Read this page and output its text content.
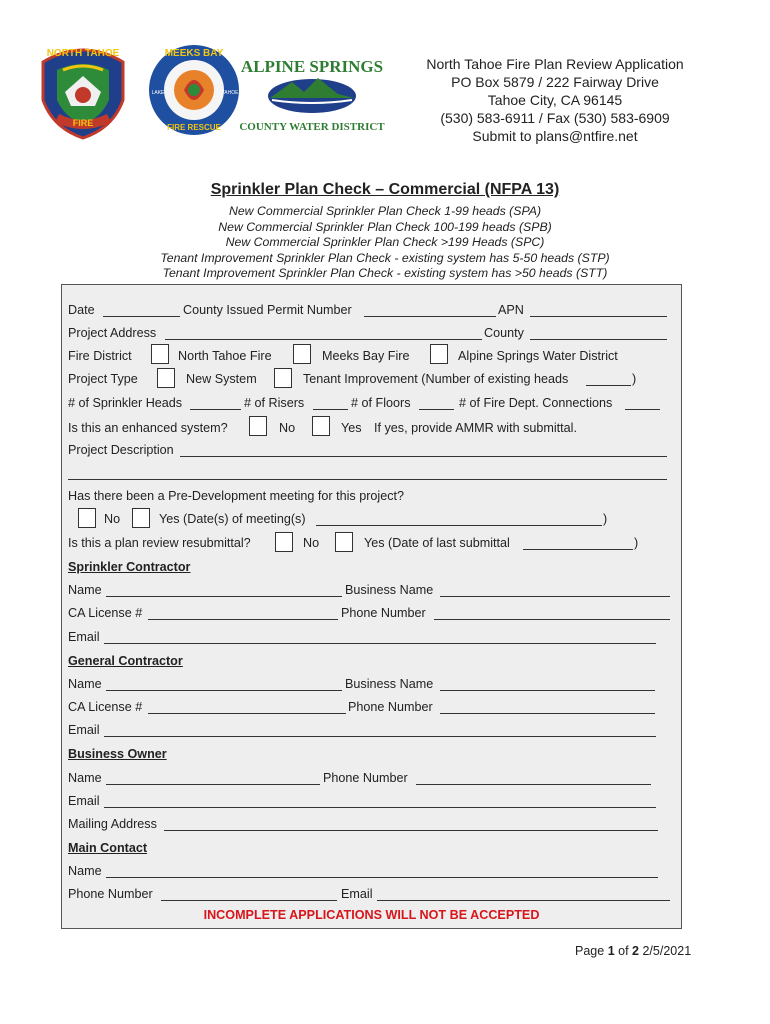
FIRE
NORTH TAHOE	MEEKS BAY
FIRE RESCUE
LAKE	TAHOE
ALPINE SPRINGS
COUNTY WATER DISTRICT
North Tahoe Fire Plan Review Application
PO Box 5879 / 222 Fairway Drive
Tahoe City, CA 96145
(530) 583-6911 / Fax (530) 583-6909
Submit to plans@ntfire.net
Sprinkler Plan Check – Commercial (NFPA 13)
New Commercial Sprinkler Plan Check 1-99 heads (SPA)
New Commercial Sprinkler Plan Check 100-199 heads (SPB)
New Commercial Sprinkler Plan Check >199 Heads (SPC)
Tenant Improvement Sprinkler Plan Check - existing system has 5-50 heads (STP)
Tenant Improvement Sprinkler Plan Check - existing system has >50 heads (STT)
Date	County Issued Permit Number	APN
Project Address	County
Fire District	North Tahoe Fire	Meeks Bay Fire	Alpine Springs Water District
Project Type	New System	Tenant Improvement (Number of existing heads	)
# of Sprinkler Heads	# of Risers	# of Floors	# of Fire Dept. Connections
Is this an enhanced system?	No	Yes If yes, provide AMMR with submittal.
Project Description
Has there been a Pre-Development meeting for this project?
No	Yes (Date(s) of meeting(s)	)
Is this a plan review resubmittal?	No	Yes (Date of last submittal	)
Sprinkler Contractor
Name	Business Name
CA License #	Phone Number
Email
General Contractor
Name	Business Name
CA License #	Phone Number
Email
Business Owner
Name	Phone Number
Email
Mailing Address
Main Contact
Name
Phone Number	Email
INCOMPLETE APPLICATIONS WILL NOT BE ACCEPTED
Page 1 of 2 2/5/2021
